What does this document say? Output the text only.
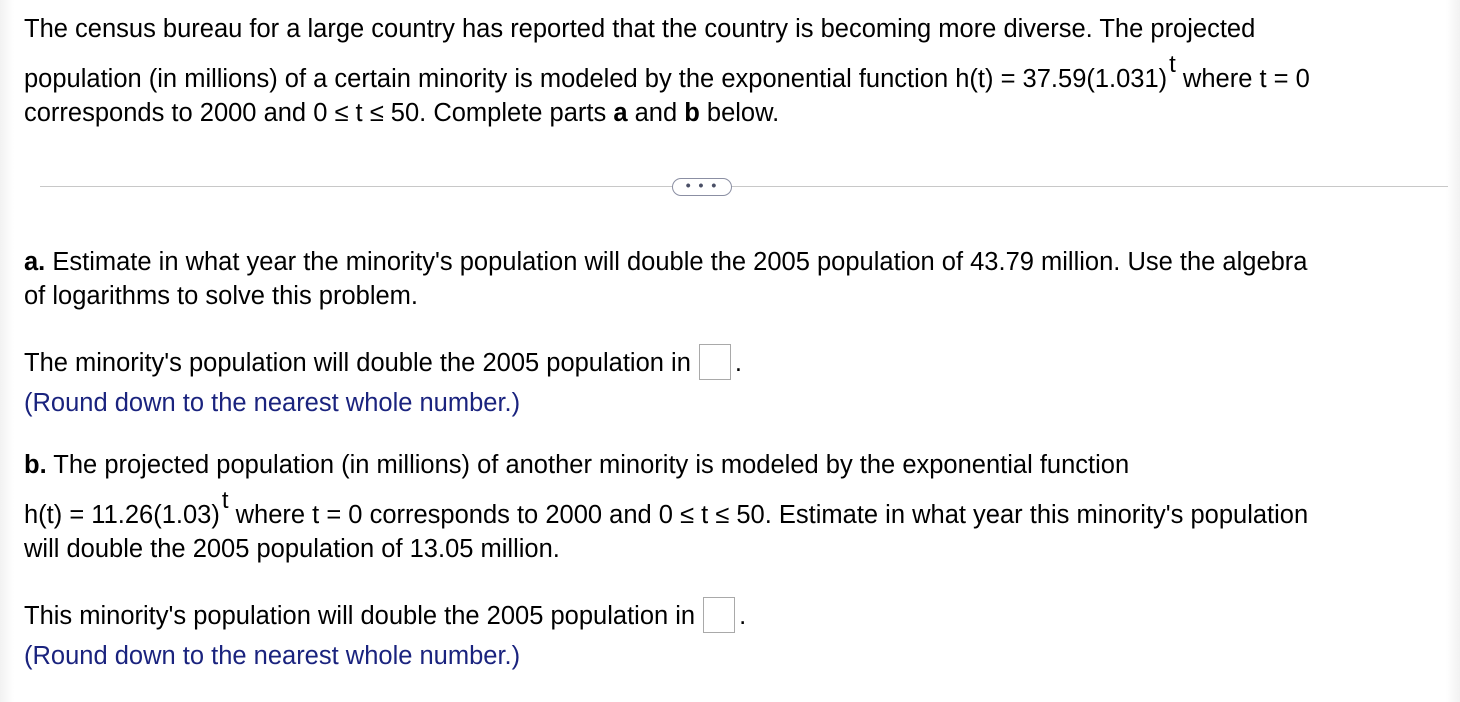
The census bureau for a large country has reported that the country is becoming more diverse. The projected
population (in millions) of a certain minority is modeled by the exponential function $h(t) = 37.59(1.031)^t$ where t = 0
corresponds to 2000 and 0 ≤ t ≤ 50. Complete parts a and b below.
• • •
a. Estimate in what year the minority's population will double the 2005 population of 43.79 million. Use the algebra
of logarithms to solve this problem.
The minority's population will double the 2005 population in .
(Round down to the nearest whole number.)
b. The projected population (in millions) of another minority is modeled by the exponential function
$h(t) = 11.26(1.03)^t$ where t = 0 corresponds to 2000 and 0 ≤ t ≤ 50. Estimate in what year this minority's population
will double the 2005 population of 13.05 million.
This minority's population will double the 2005 population in .
(Round down to the nearest whole number.)
